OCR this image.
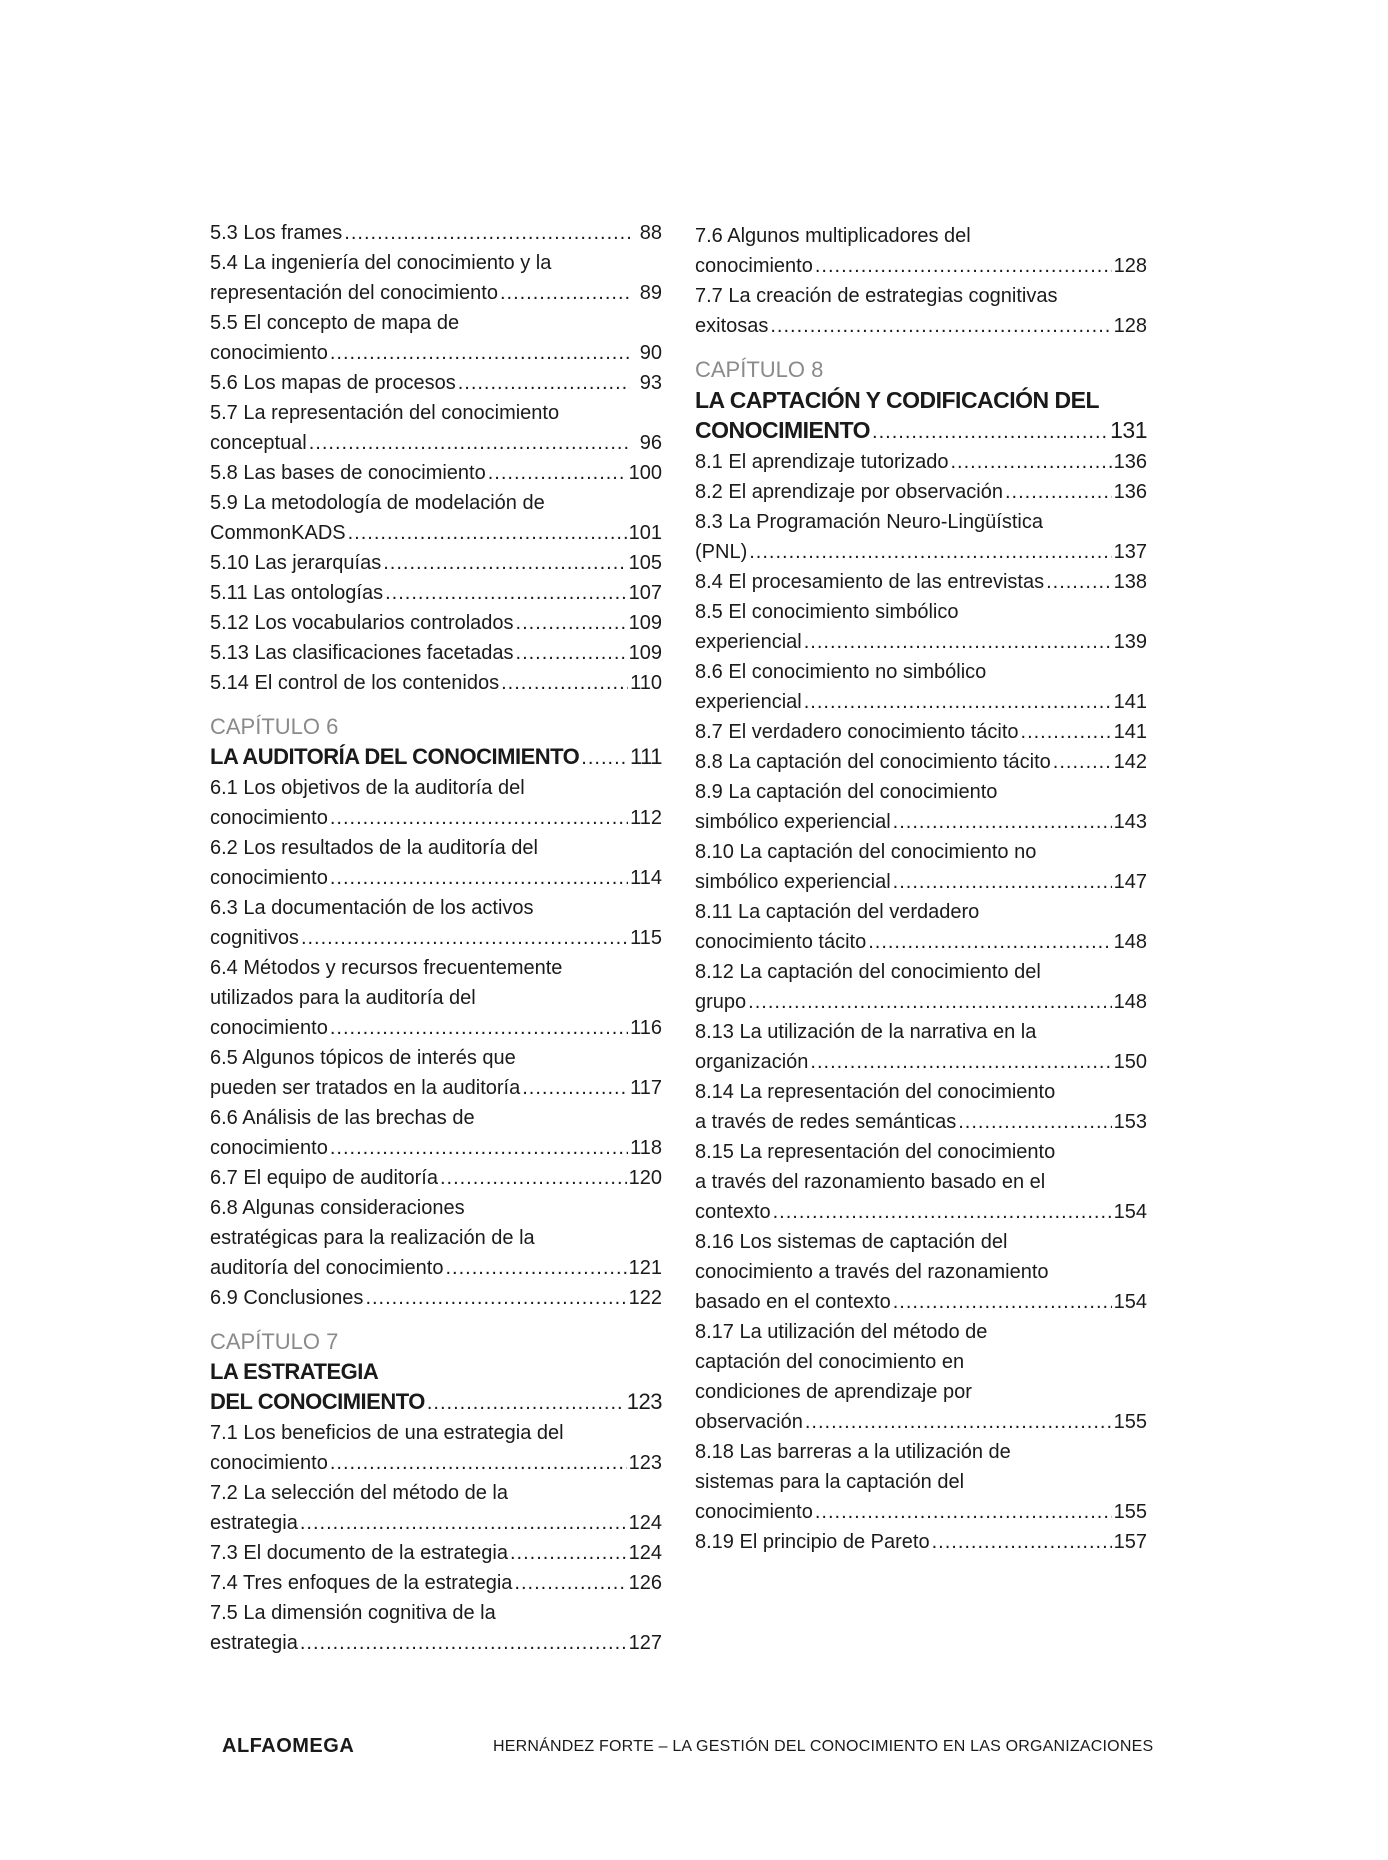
5.3 Los frames .....	88
5.4 La ingeniería del conocimiento y la
representación del conocimiento .....	89
5.5 El concepto de mapa de
conocimiento .....	90
5.6 Los mapas de procesos .....	93
5.7 La representación del conocimiento
conceptual .....	96
5.8 Las bases de conocimiento .....	100
5.9 La metodología de modelación de
CommonKADS .....	101
5.10 Las jerarquías .....	105
5.11 Las ontologías .....	107
5.12 Los vocabularios controlados .....	109
5.13 Las clasificaciones facetadas .....	109
5.14 El control de los contenidos .....	110
CAPÍTULO 6
LA AUDITORÍA DEL CONOCIMIENTO ..... 111
6.1 Los objetivos de la auditoría del
conocimiento .....	112
6.2 Los resultados de la auditoría del
conocimiento .....	114
6.3 La documentación de los activos
cognitivos .....	115
6.4 Métodos y recursos frecuentemente
utilizados para la auditoría del
conocimiento .....	116
6.5 Algunos tópicos de interés que
pueden ser tratados en la auditoría .....	117
6.6 Análisis de las brechas de
conocimiento .....	118
6.7 El equipo de auditoría .....	120
6.8 Algunas consideraciones
estratégicas para la realización de la
auditoría del conocimiento .....	121
6.9 Conclusiones .....	122
CAPÍTULO 7
LA ESTRATEGIA
DEL CONOCIMIENTO .....	123
7.1 Los beneficios de una estrategia del
conocimiento .....	123
7.2 La selección del método de la
estrategia .....	124
7.3 El documento de la estrategia .....	124
7.4 Tres enfoques de la estrategia .....	126
7.5 La dimensión cognitiva de la
estrategia .....	127
7.6 Algunos multiplicadores del
conocimiento .....	128
7.7 La creación de estrategias cognitivas
exitosas .....	128
CAPÍTULO 8
LA CAPTACIÓN Y CODIFICACIÓN DEL
CONOCIMIENTO .....	131
8.1 El aprendizaje tutorizado .....	136
8.2 El aprendizaje por observación .....	136
8.3 La Programación Neuro-Lingüística
(PNL) .....	137
8.4 El procesamiento de las entrevistas .....	138
8.5 El conocimiento simbólico
experiencial .....	139
8.6 El conocimiento no simbólico
experiencial .....	141
8.7 El verdadero conocimiento tácito .....	141
8.8 La captación del conocimiento tácito .....	142
8.9 La captación del conocimiento
simbólico experiencial .....	143
8.10 La captación del conocimiento no
simbólico experiencial .....	147
8.11 La captación del verdadero
conocimiento tácito .....	148
8.12 La captación del conocimiento del
grupo .....	148
8.13 La utilización de la narrativa en la
organización .....	150
8.14 La representación del conocimiento
a través de redes semánticas .....	153
8.15 La representación del conocimiento
a través del razonamiento basado en el
contexto .....	154
8.16 Los sistemas de captación del
conocimiento a través del razonamiento
basado en el contexto .....	154
8.17 La utilización del método de
captación del conocimiento en
condiciones de aprendizaje por
observación .....	155
8.18 Las barreras a la utilización de
sistemas para la captación del
conocimiento .....	155
8.19 El principio de Pareto .....	157
ALFAOMEGA	HERNÁNDEZ FORTE – LA GESTIÓN DEL CONOCIMIENTO EN LAS ORGANIZACIONES
